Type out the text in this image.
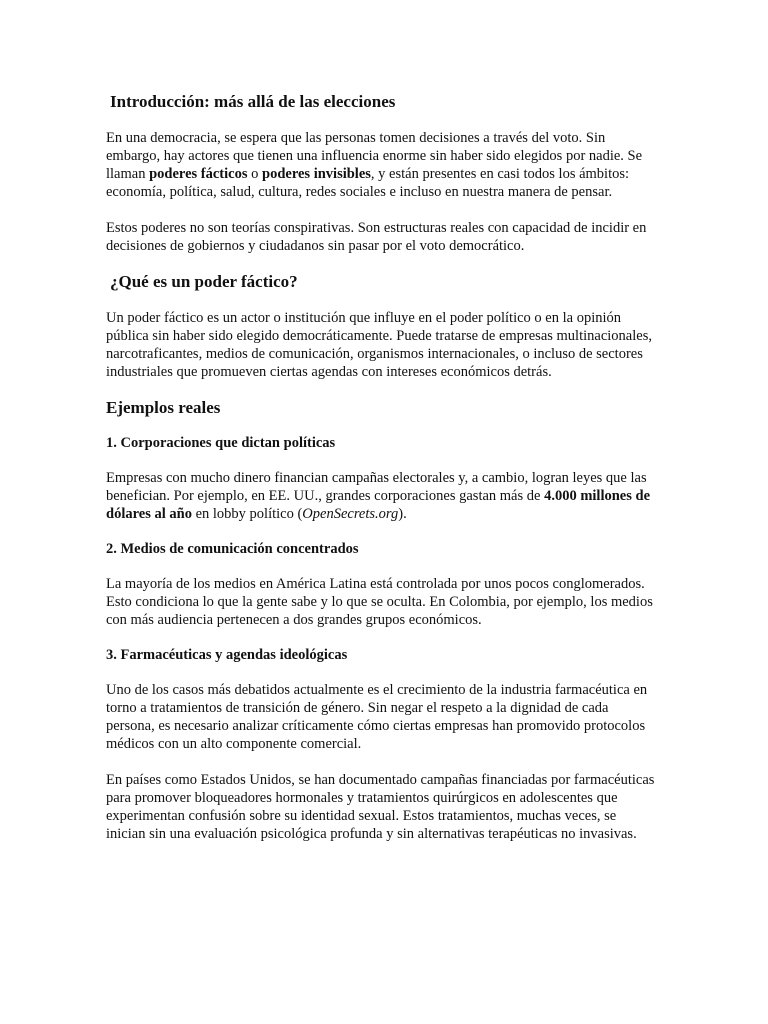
Introducción: más allá de las elecciones

En una democracia, se espera que las personas tomen decisiones a través del voto. Sin embargo, hay actores que tienen una influencia enorme sin haber sido elegidos por nadie. Se llaman poderes fácticos o poderes invisibles, y están presentes en casi todos los ámbitos: economía, política, salud, cultura, redes sociales e incluso en nuestra manera de pensar.

Estos poderes no son teorías conspirativas. Son estructuras reales con capacidad de incidir en decisiones de gobiernos y ciudadanos sin pasar por el voto democrático.

¿Qué es un poder fáctico?

Un poder fáctico es un actor o institución que influye en el poder político o en la opinión pública sin haber sido elegido democráticamente. Puede tratarse de empresas multinacionales, narcotraficantes, medios de comunicación, organismos internacionales, o incluso de sectores industriales que promueven ciertas agendas con intereses económicos detrás.

Ejemplos reales
1. Corporaciones que dictan políticas

Empresas con mucho dinero financian campañas electorales y, a cambio, logran leyes que las benefician. Por ejemplo, en EE. UU., grandes corporaciones gastan más de 4.000 millones de dólares al año en lobby político (OpenSecrets.org).

2. Medios de comunicación concentrados

La mayoría de los medios en América Latina está controlada por unos pocos conglomerados. Esto condiciona lo que la gente sabe y lo que se oculta. En Colombia, por ejemplo, los medios con más audiencia pertenecen a dos grandes grupos económicos.

3. Farmacéuticas y agendas ideológicas

Uno de los casos más debatidos actualmente es el crecimiento de la industria farmacéutica en torno a tratamientos de transición de género. Sin negar el respeto a la dignidad de cada persona, es necesario analizar críticamente cómo ciertas empresas han promovido protocolos médicos con un alto componente comercial.

En países como Estados Unidos, se han documentado campañas financiadas por farmacéuticas para promover bloqueadores hormonales y tratamientos quirúrgicos en adolescentes que experimentan confusión sobre su identidad sexual. Estos tratamientos, muchas veces, se inician sin una evaluación psicológica profunda y sin alternativas terapéuticas no invasivas.
